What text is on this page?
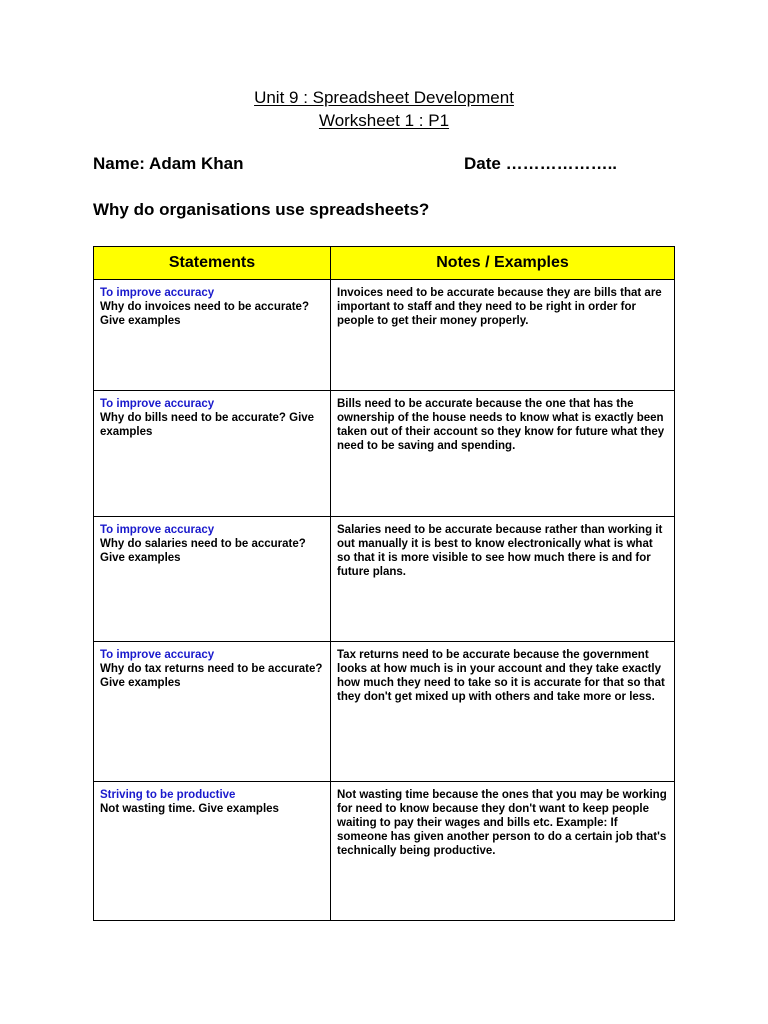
Unit 9 : Spreadsheet Development
Worksheet 1 : P1
Name: Adam Khan	Date ………………..
Why do organisations use spreadsheets?
Statements	Notes / Examples

To improve accuracy
Why do invoices need to be accurate? Give examples	Invoices need to be accurate because they are bills that are important to staff and they need to be right in order for people to get their money properly.

To improve accuracy
Why do bills need to be accurate? Give examples	Bills need to be accurate because the one that has the ownership of the house needs to know what is exactly been taken out of their account so they know for future what they need to be saving and spending.

To improve accuracy
Why do salaries need to be accurate? Give examples	Salaries need to be accurate because rather than working it out manually it is best to know electronically what is what so that it is more visible to see how much there is and for future plans.

To improve accuracy
Why do tax returns need to be accurate? Give examples	Tax returns need to be accurate because the government looks at how much is in your account and they take exactly how much they need to take so it is accurate for that so that they don't get mixed up with others and take more or less.

Striving to be productive
Not wasting time. Give examples	Not wasting time because the ones that you may be working for need to know because they don't want to keep people waiting to pay their wages and bills etc. Example: If someone has given another person to do a certain job that's technically being productive.
